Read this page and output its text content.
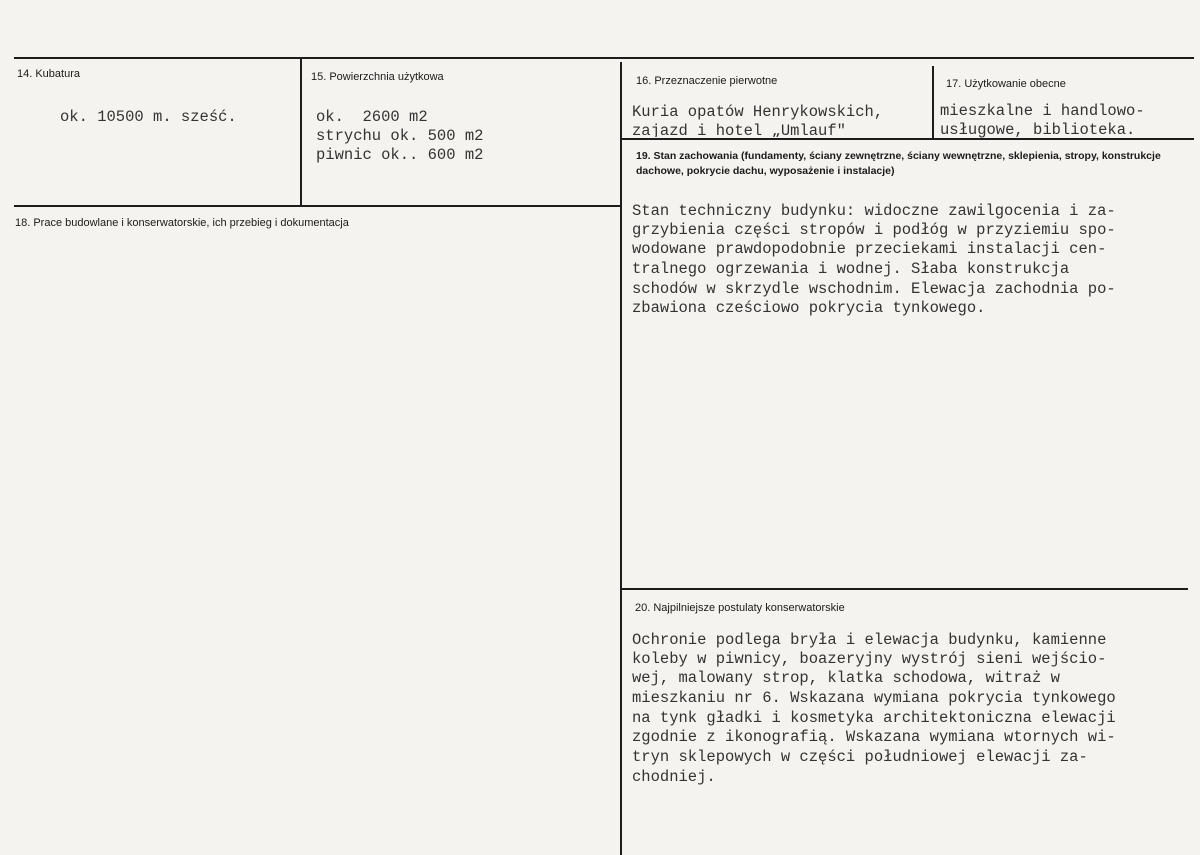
14. Kubatura
ok. 10500 m. sześć.
15. Powierzchnia użytkowa
ok.  2600 m2
strychu ok. 500 m2
piwnic ok.. 600 m2
16. Przeznaczenie pierwotne
Kuria opatów Henrykowskich,
zajazd i hotel „Umlauf"
17. Użytkowanie obecne
mieszkalne i handlowo-
usługowe, biblioteka.
18. Prace budowlane i konserwatorskie, ich przebieg i dokumentacja
19. Stan zachowania (fundamenty, ściany zewnętrzne, ściany wewnętrzne, sklepienia, stropy, konstrukcje dachowe, pokrycie dachu, wyposażenie i instalacje)
Stan techniczny budynku: widoczne zawilgocenia i za-
grzybienia części stropów i podłóg w przyziemiu spo-
wodowane prawdopodobnie przeciekami instalacji cen-
tralnego ogrzewania i wodnej. Słaba konstrukcja
schodów w skrzydle wschodnim. Elewacja zachodnia po-
zbawiona cześciowo pokrycia tynkowego.
20. Najpilniejsze postulaty konserwatorskie
Ochronie podlega bryła i elewacja budynku, kamienne
koleby w piwnicy, boazeryjny wystrój sieni wejścio-
wej, malowany strop, klatka schodowa, witraż w
mieszkaniu nr 6. Wskazana wymiana pokrycia tynkowego
na tynk gładki i kosmetyka architektoniczna elewacji
zgodnie z ikonografią. Wskazana wymiana wtornych wi-
tryn sklepowych w części południowej elewacji za-
chodniej.
